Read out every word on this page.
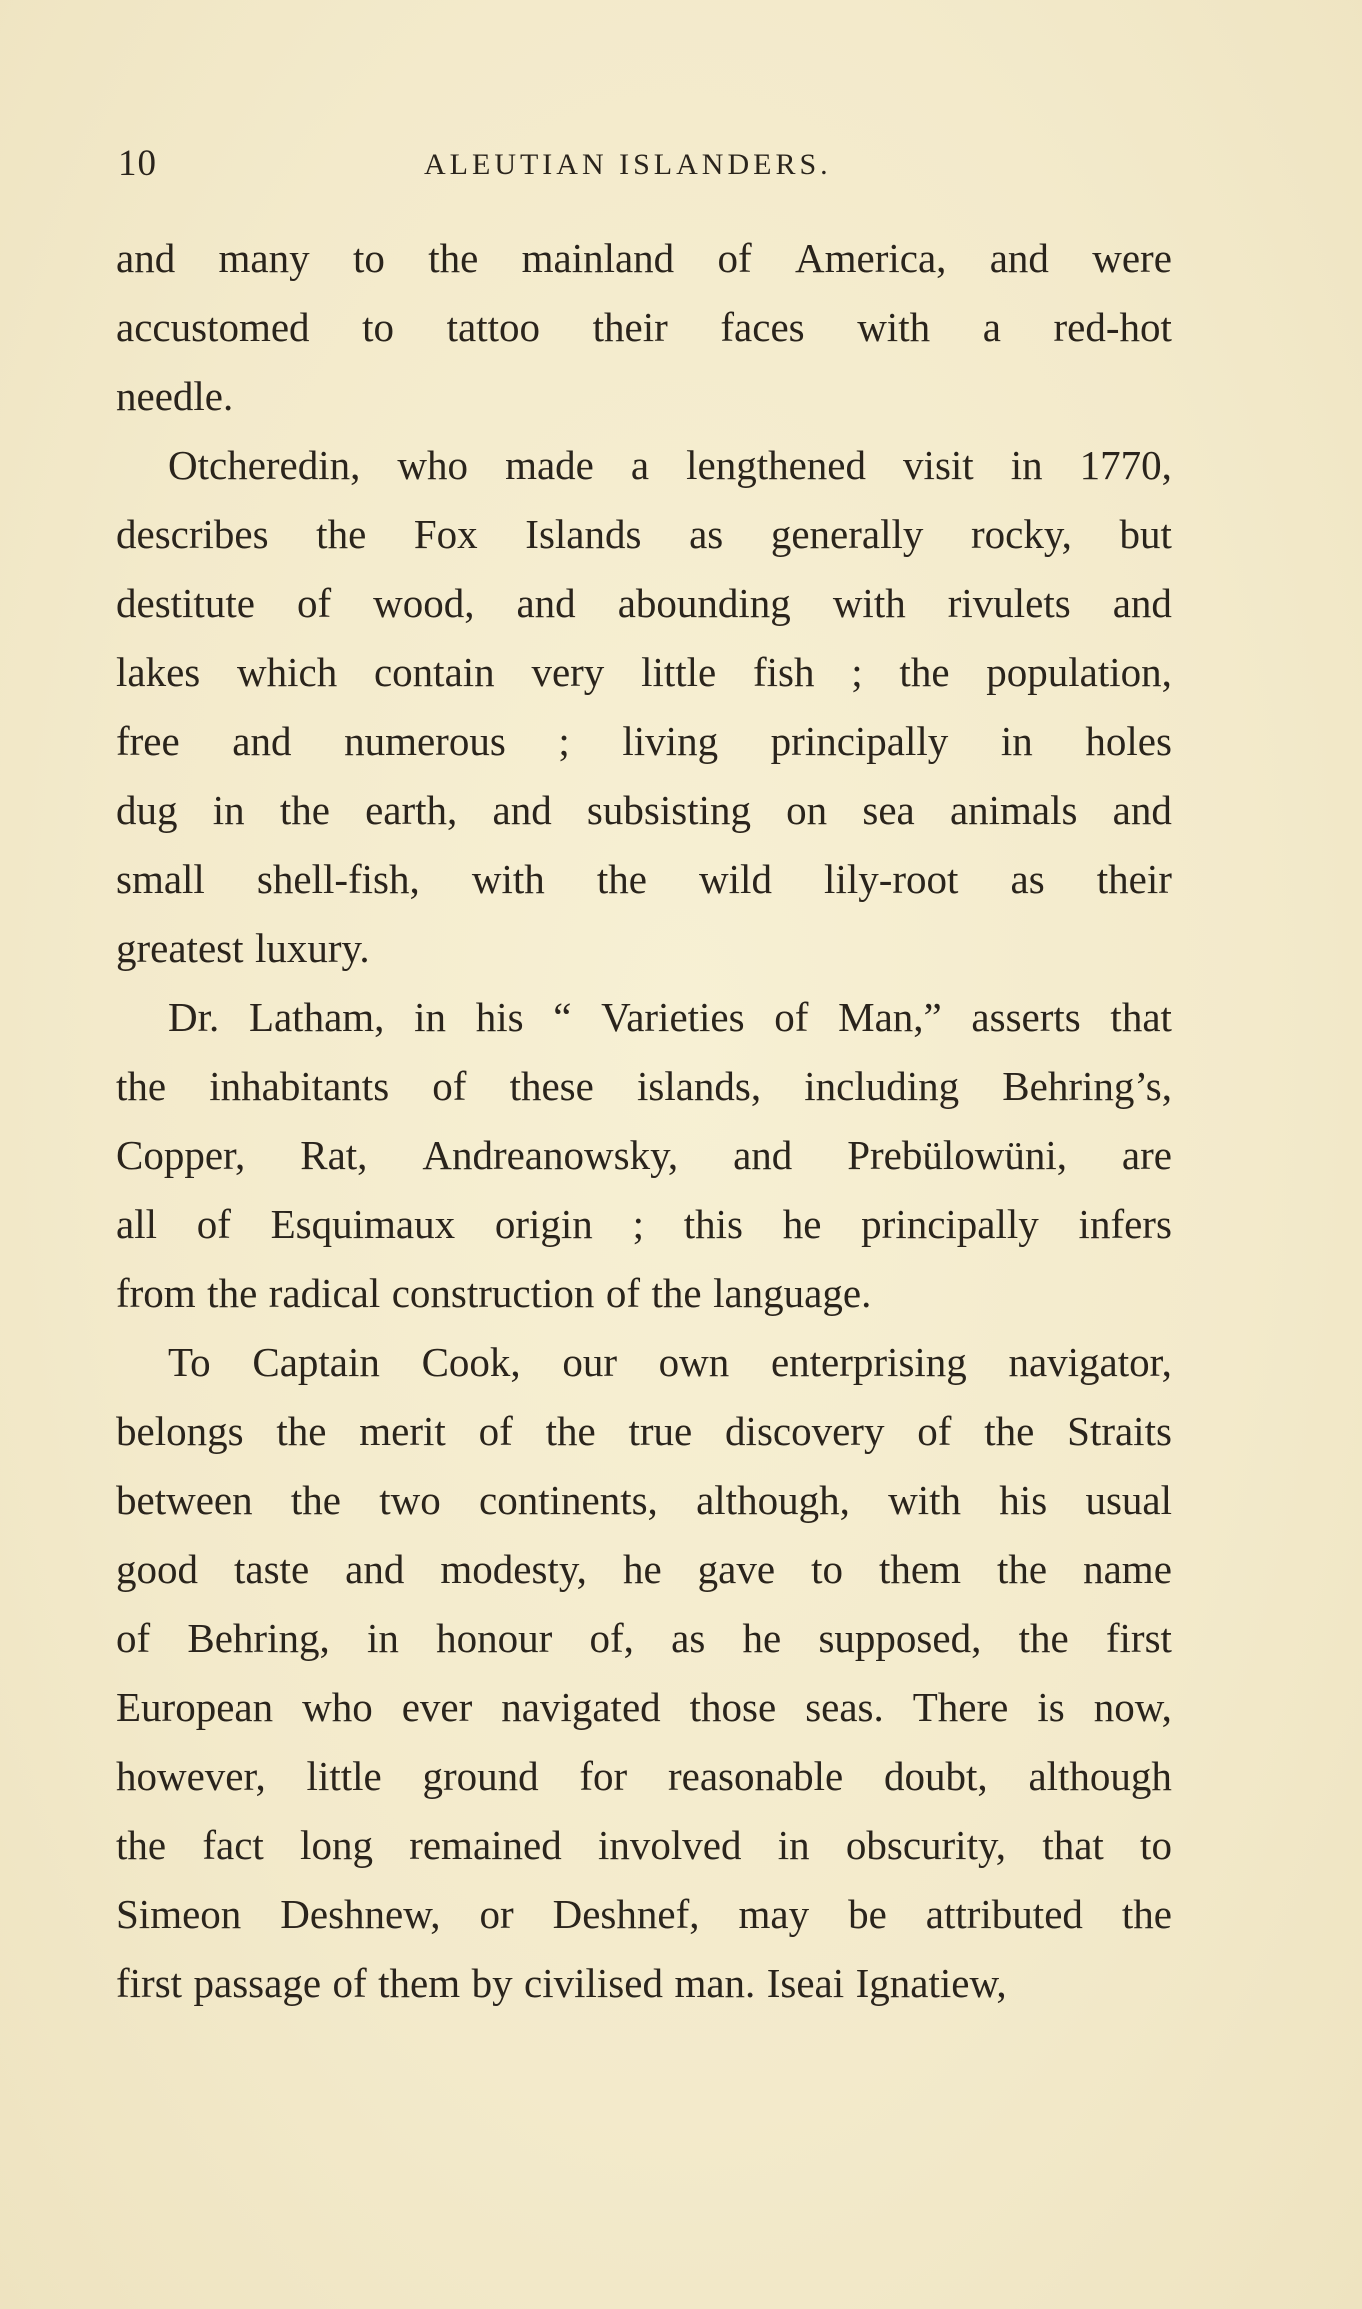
10	ALEUTIAN ISLANDERS.
and many to the mainland of America, and were
accustomed to tattoo their faces with a red-hot
needle.
Otcheredin, who made a lengthened visit in 1770,
describes the Fox Islands as generally rocky, but
destitute of wood, and abounding with rivulets and
lakes which contain very little fish ; the population,
free and numerous ; living principally in holes
dug in the earth, and subsisting on sea animals and
small shell-fish, with the wild lily-root as their
greatest luxury.
Dr. Latham, in his “ Varieties of Man,” asserts that
the inhabitants of these islands, including Behring’s,
Copper, Rat, Andreanowsky, and Prebülowüni, are
all of Esquimaux origin ; this he principally infers
from the radical construction of the language.
To Captain Cook, our own enterprising navigator,
belongs the merit of the true discovery of the Straits
between the two continents, although, with his usual
good taste and modesty, he gave to them the name
of Behring, in honour of, as he supposed, the first
European who ever navigated those seas. There is now,
however, little ground for reasonable doubt, although
the fact long remained involved in obscurity, that to
Simeon Deshnew, or Deshnef, may be attributed the
first passage of them by civilised man. Iseai Ignatiew,
